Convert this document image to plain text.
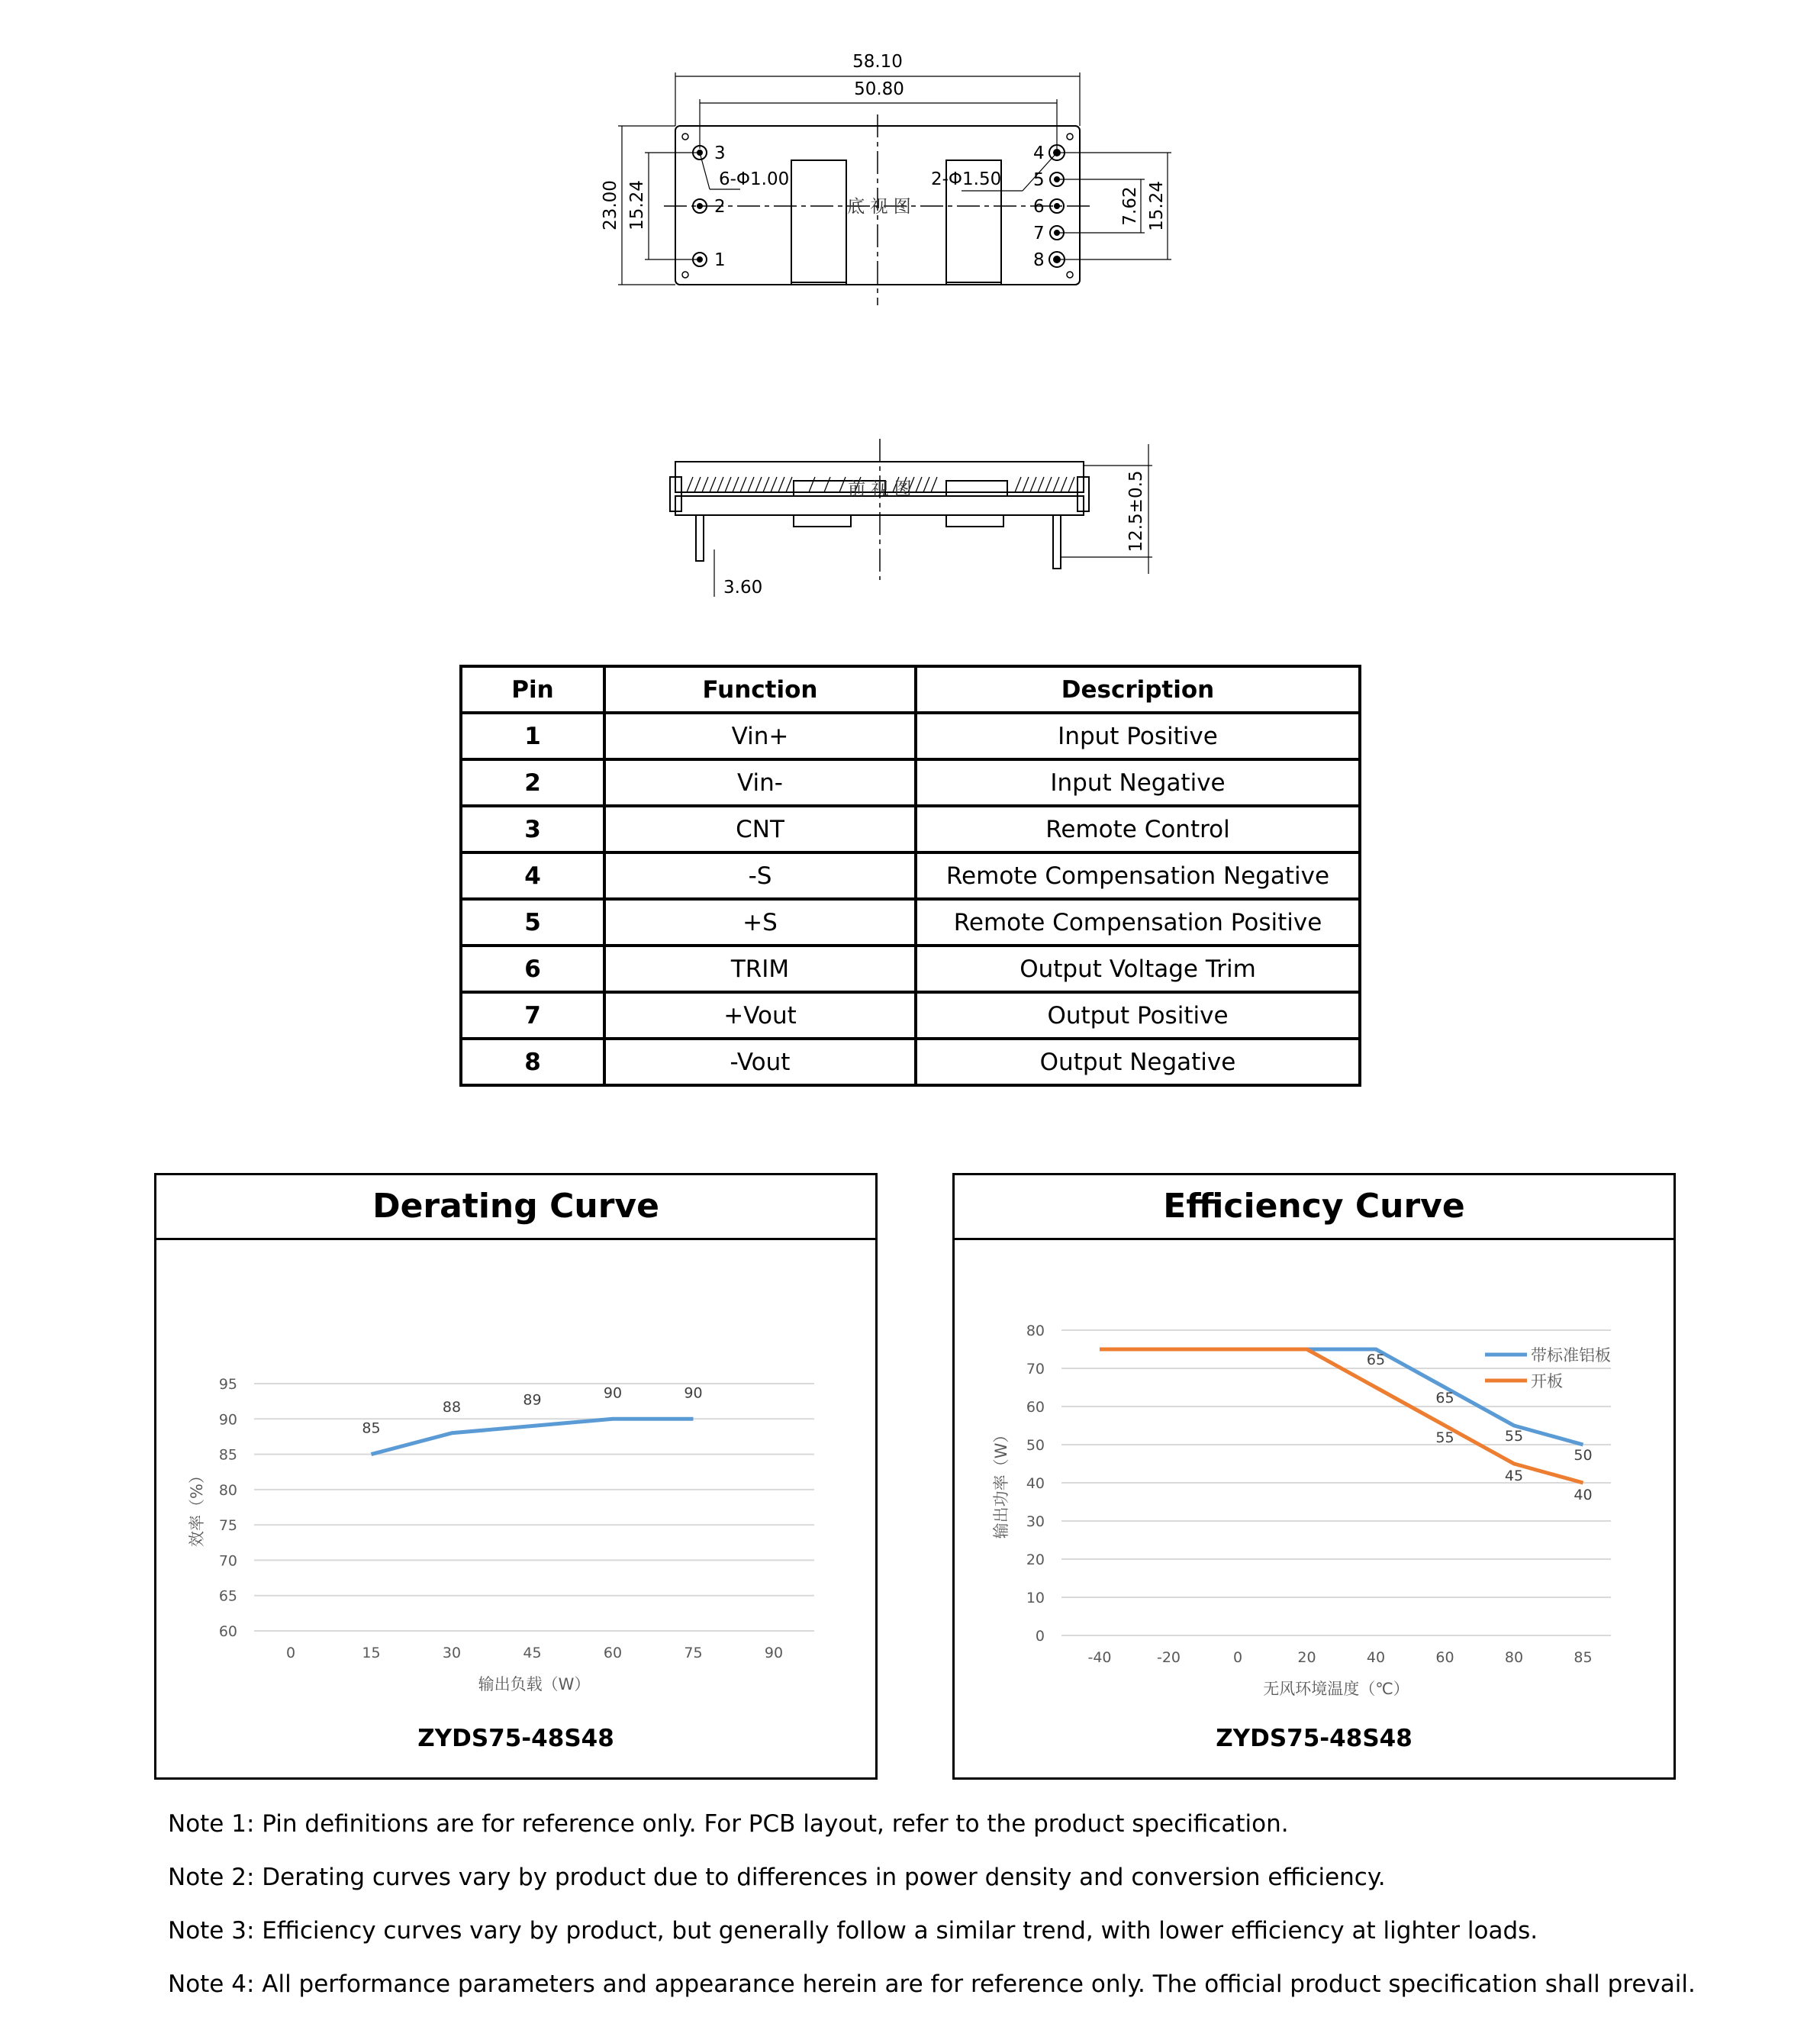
58.10
50.80
23.00 15.24	7.62 15.24
6-Φ1.00	2-Φ1.50
底 视 图
1
2
3	4
5
6
7
8
前 视 图	12.5±0.5
3.60
Pin	Function	Description
1	Vin+	Input Positive
2	Vin-	Input Negative
3	CNT	Remote Control
4	-S	Remote Compensation Negative
5	+S	Remote Compensation Positive
6	TRIM	Output Voltage Trim
7	+Vout	Output Positive
8	-Vout	Output Negative
Derating Curve
60
65
70
75
80
85
90
95
0	15	30	45	60	75	90
输出负载（W）
效率（%）
85
88	89	90	90
ZYDS75-48S48
Efficiency Curve
0
10
20
30
40
50
60
70
80
-40	-20	0	20	40	60	80	85
无风环境温度（℃）
输出功率（W）
65
65
55
50
55
45
40
带标准铝板
开板
ZYDS75-48S48
Note 1: Pin definitions are for reference only. For PCB layout, refer to the product specification.
Note 2: Derating curves vary by product due to differences in power density and conversion efficiency.
Note 3: Efficiency curves vary by product, but generally follow a similar trend, with lower efficiency at lighter loads.
Note 4: All performance parameters and appearance herein are for reference only. The official product specification shall prevail.
